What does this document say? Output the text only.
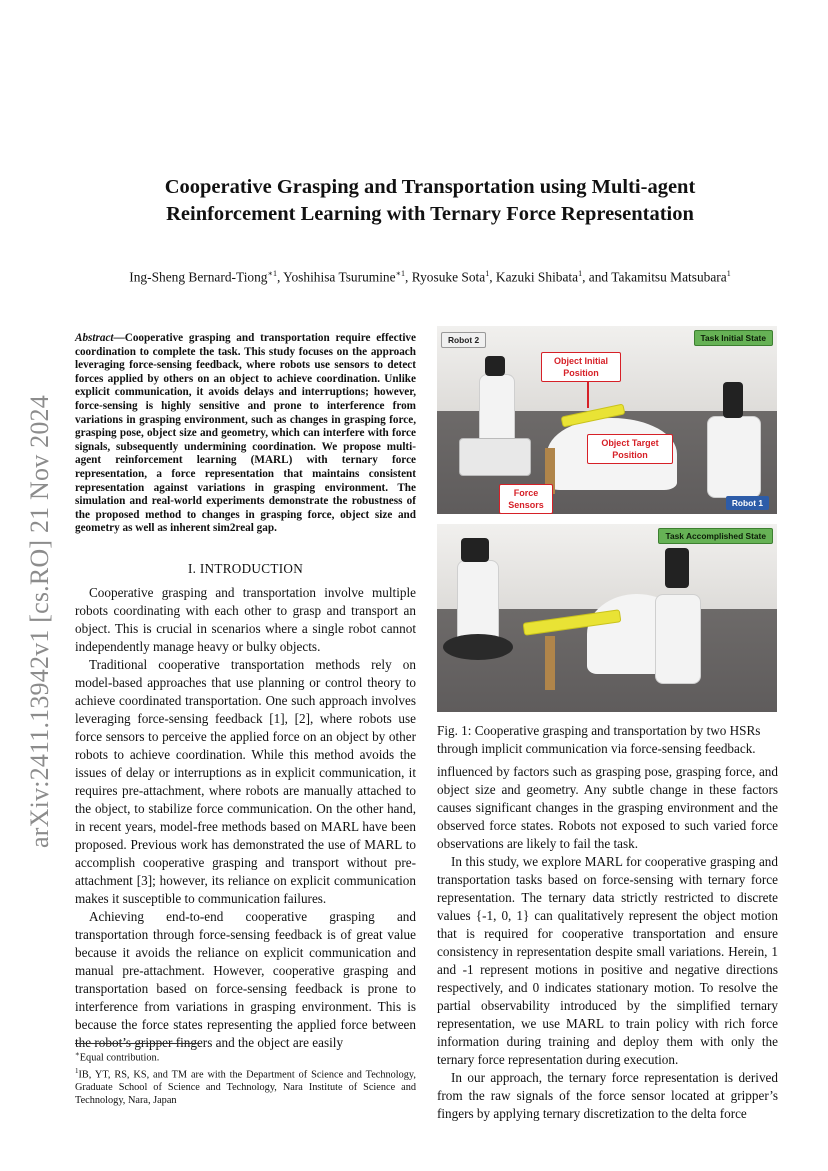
arXiv:2411.13942v1 [cs.RO] 21 Nov 2024
Cooperative Grasping and Transportation using Multi-agent
Reinforcement Learning with Ternary Force Representation
Ing-Sheng Bernard-Tiong$^{∗1}$, Yoshihisa Tsurumine$^{∗1}$, Ryosuke Sota$^1$, Kazuki Shibata$^1$, and Takamitsu Matsubara$^1$
Abstract—Cooperative grasping and transportation require effective coordination to complete the task. This study focuses on the approach leveraging force-sensing feedback, where robots use sensors to detect forces applied by others on an object to achieve coordination. Unlike explicit communication, it avoids delays and interruptions; however, force-sensing is highly sensitive and prone to interference from variations in grasping environment, such as changes in grasping force, grasping pose, object size and geometry, which can interfere with force signals, subsequently undermining coordination. We propose multi-agent reinforcement learning (MARL) with ternary force representation, a force representation that maintains consistent representation against variations in grasping environment. The simulation and real-world experiments demonstrate the robustness of the proposed method to changes in grasping force, object size and geometry as well as inherent sim2real gap.
I. INTRODUCTION

Cooperative grasping and transportation involve multiple robots coordinating with each other to grasp and transport an object. This is crucial in scenarios where a single robot cannot independently manage heavy or bulky objects.

Traditional cooperative transportation methods rely on model-based approaches that use planning or control theory to achieve coordinated transportation. One such approach involves leveraging force-sensing feedback [1], [2], where robots use force sensors to perceive the applied force on an object by other robots to achieve coordination. While this method avoids the issues of delay or interruptions as in explicit communication, it requires pre-attachment, where robots are manually attached to the object, to stabilize force communication. On the other hand, in recent years, model-free methods based on MARL have been proposed. Previous work has demonstrated the use of MARL to accomplish cooperative grasping and transport without pre-attachment [3]; however, its reliance on explicit communication makes it susceptible to communication failures.

Achieving end-to-end cooperative grasping and transportation through force-sensing feedback is of great value because it avoids the reliance on explicit communication and manual pre-attachment. However, cooperative grasping and transportation based on force-sensing feedback is prone to interference from variations in grasping environment. This is because the force states representing the applied force between the robot’s gripper fingers and the object are easily

∗Equal contribution.
$^1$IB, YT, RS, KS, and TM are with the Department of Science and Technology, Graduate School of Science and Technology, Nara Institute of Science and Technology, Nara, Japan
Robot 2	Task Initial State
Object Initial Position
Object Target Position
Force Sensors	Robot 1
Task Accomplished State
Fig. 1: Cooperative grasping and transportation by two HSRs through implicit communication via force-sensing feedback.

influenced by factors such as grasping pose, grasping force, and object size and geometry. Any subtle change in these factors causes significant changes in the grasping environment and the observed force states. Robots not exposed to such varied force observations are likely to fail the task.

In this study, we explore MARL for cooperative grasping and transportation tasks based on force-sensing with ternary force representation. The ternary data strictly restricted to discrete values {-1, 0, 1} can qualitatively represent the object motion that is required for cooperative transportation and ensure consistency in representation despite small variations. Herein, 1 and -1 represent motions in positive and negative directions respectively, and 0 indicates stationary motion. To resolve the partial observability introduced by the simplified ternary representation, we use MARL to train policy with rich force information during training and deploy them with only the ternary force representation during execution.

In our approach, the ternary force representation is derived from the raw signals of the force sensor located at gripper’s fingers by applying ternary discretization to the delta force
